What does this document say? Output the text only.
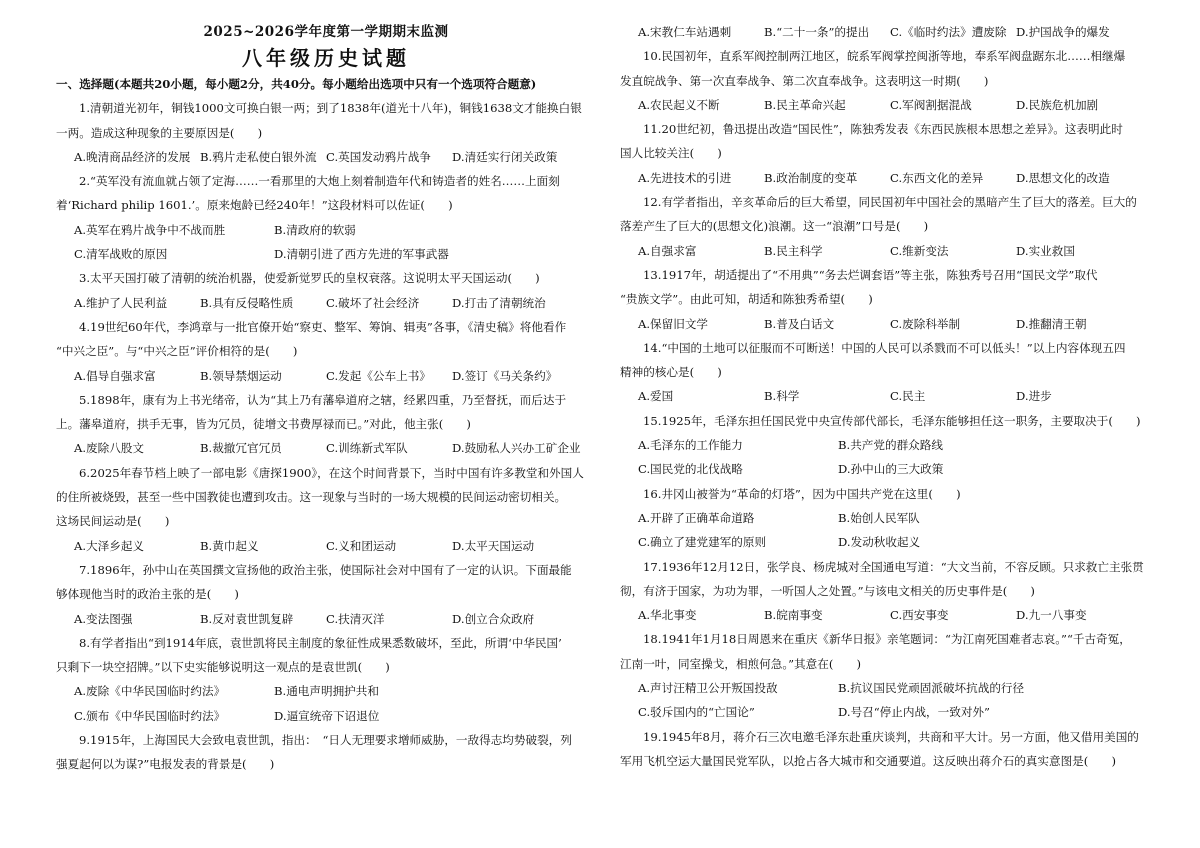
2025~2026学年度第一学期期末监测
八年级历史试题
一、选择题(本题共20小题，每小题2分，共40分。每小题给出选项中只有一个选项符合题意)
1.清朝道光初年，铜钱1000文可换白银一两；到了1838年(道光十八年)，铜钱1638文才能换白银
一两。造成这种现象的主要原因是(　　)
A.晚清商品经济的发展 B.鸦片走私使白银外流 C.英国发动鸦片战争 D.清廷实行闭关政策
2.“英军没有流血就占领了定海……一看那里的大炮上刻着制造年代和铸造者的姓名……上面刻
着‘Richard philip 1601.’。原来炮龄已经240年！”这段材料可以佐证(　　)
A.英军在鸦片战争中不战而胜	B.清政府的软弱
C.清军战败的原因	D.清朝引进了西方先进的军事武器
3.太平天国打破了清朝的统治机器，使爱新觉罗氏的皇权衰落。这说明太平天国运动(　　)
A.维护了人民利益	B.具有反侵略性质	C.破坏了社会经济	D.打击了清朝统治
4.19世纪60年代，李鸿章与一批官僚开始“察吏、整军、筹饷、辑夷”各事，《清史稿》将他看作
“中兴之臣”。与“中兴之臣”评价相符的是(　　)
A.倡导自强求富	B.领导禁烟运动	C.发起《公车上书》 D.签订《马关条约》
5.1898年，康有为上书光绪帝，认为“其上乃有藩皋道府之辖，经累四重，乃至督抚，而后达于
上。藩皋道府，拱手无事，皆为冗员，徒增文书费厚禄而已。”对此，他主张(　　)
A.废除八股文	B.裁撤冗官冗员	C.训练新式军队	D.鼓励私人兴办工矿企业
6.2025年春节档上映了一部电影《唐探1900》，在这个时间背景下，当时中国有许多教堂和外国人
的住所被烧毁，甚至一些中国教徒也遭到攻击。这一现象与当时的一场大规模的民间运动密切相关。
这场民间运动是(　　)
A.大泽乡起义	B.黄巾起义	C.义和团运动	D.太平天国运动
7.1896年，孙中山在英国撰文宣扬他的政治主张，使国际社会对中国有了一定的认识。下面最能
够体现他当时的政治主张的是(　　)
A.变法图强	B.反对袁世凯复辟	C.扶清灭洋	D.创立合众政府
8.有学者指出“到1914年底，袁世凯将民主制度的象征性成果悉数破坏，至此，所谓‘中华民国’
只剩下一块空招牌。”以下史实能够说明这一观点的是袁世凯(　　)
A.废除《中华民国临时约法》	B.通电声明拥护共和
C.颁布《中华民国临时约法》	D.逼宣统帝下诏退位
9.1915年，上海国民大会致电袁世凯，指出：　“日人无理要求增师威胁，一敌得志均势破裂，列
强夏起何以为谋?”电报发表的背景是(　　)
A.宋教仁车站遇刺	B.“二十一条”的提出 C.《临时约法》遭废除 D.护国战争的爆发
10.民国初年，直系军阀控制两江地区，皖系军阀掌控闽浙等地，奉系军阀盘踞东北……相继爆
发直皖战争、第一次直奉战争、第二次直奉战争。这表明这一时期(　　)
A.农民起义不断	B.民主革命兴起	C.军阀割据混战	D.民族危机加剧
11.20世纪初，鲁迅提出改造“国民性”，陈独秀发表《东西民族根本思想之差异》。这表明此时
国人比较关注(　　)
A.先进技术的引进	B.政治制度的变革	C.东西文化的差异	D.思想文化的改造
12.有学者指出，辛亥革命后的巨大希望，同民国初年中国社会的黑暗产生了巨大的落差。巨大的
落差产生了巨大的(思想文化)浪潮。这一“浪潮”口号是(　　)
A.自强求富	B.民主科学	C.维新变法	D.实业救国
13.1917年，胡适提出了“不用典”“务去烂调套语”等主张，陈独秀号召用“国民文学”取代
“贵族文学”。由此可知，胡适和陈独秀希望(　　)
A.保留旧文学	B.普及白话文	C.废除科举制	D.推翻清王朝
14.“中国的土地可以征服而不可断送！中国的人民可以杀戮而不可以低头！”以上内容体现五四
精神的核心是(　　)
A.爱国	B.科学	C.民主	D.进步
15.1925年，毛泽东担任国民党中央宣传部代部长，毛泽东能够担任这一职务，主要取决于(　　)
A.毛泽东的工作能力	B.共产党的群众路线
C.国民党的北伐战略	D.孙中山的三大政策
16.井冈山被誉为“革命的灯塔”，因为中国共产党在这里(　　)
A.开辟了正确革命道路	B.始创人民军队
C.确立了建党建军的原则	D.发动秋收起义
17.1936年12月12日，张学良、杨虎城对全国通电写道：“大文当前，不容反顾。只求救亡主张贯
彻，有济于国家，为功为罪，一听国人之处置。”与该电文相关的历史事件是(　　)
A.华北事变	B.皖南事变	C.西安事变	D.九一八事变
18.1941年1月18日周恩来在重庆《新华日报》亲笔题词：“为江南死国难者志哀。”“千古奇冤，
江南一叶，同室操戈，相煎何急。”其意在(　　)
A.声讨汪精卫公开叛国投敌	B.抗议国民党顽固派破坏抗战的行径
C.驳斥国内的“亡国论”	D.号召“停止内战，一致对外”
19.1945年8月，蒋介石三次电邀毛泽东赴重庆谈判，共商和平大计。另一方面，他又借用美国的
军用飞机空运大量国民党军队，以抢占各大城市和交通要道。这反映出蒋介石的真实意图是(　　)
